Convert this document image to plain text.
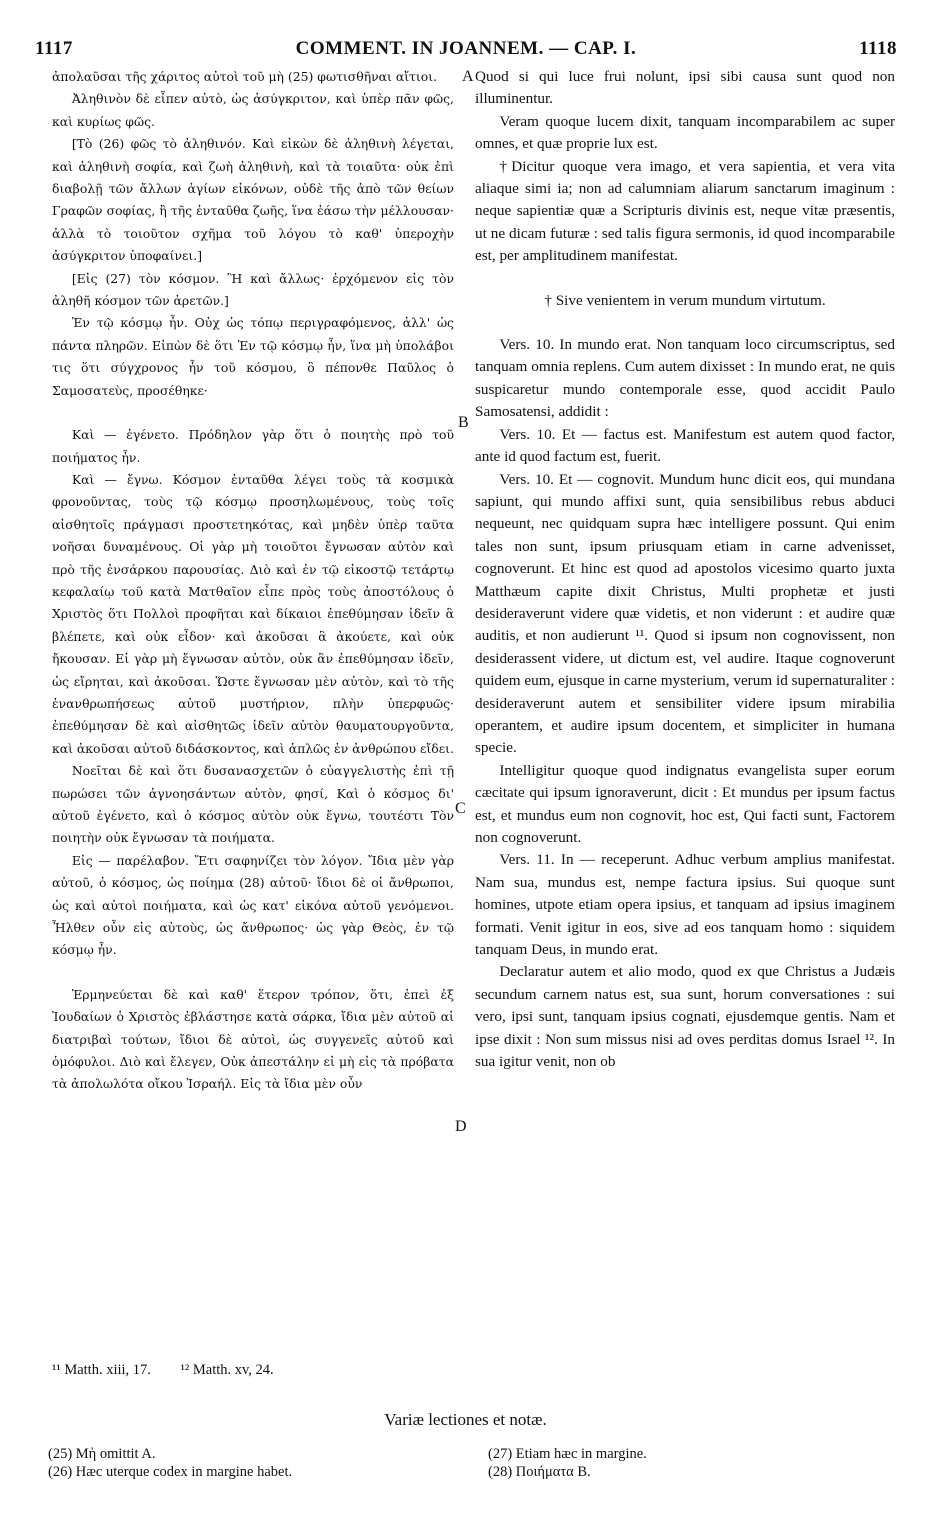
1117	COMMENT. IN JOANNEM. — CAP. I.	1118

ἀπολαῦσαι τῆς χάριτος αὐτοὶ τοῦ μὴ (25) φωτισθῆναι αἴτιοι.

Ἀληθινὸν δὲ εἶπεν αὐτὸ, ὡς ἀσύγκριτον, καὶ ὑπὲρ πᾶν φῶς, καὶ κυρίως φῶς.

[Τὸ (26) φῶς τὸ ἀληθινόν. Καὶ εἰκὼν δὲ ἀληθινὴ λέγεται, καὶ ἀληθινὴ σοφία, καὶ ζωὴ ἀληθινὴ, καὶ τὰ τοιαῦτα· οὐκ ἐπὶ διαβολῇ τῶν ἄλλων ἁγίων εἰκόνων, οὐδὲ τῆς ἀπὸ τῶν θείων Γραφῶν σοφίας, ἢ τῆς ἐνταῦθα ζωῆς, ἵνα ἐάσω τὴν μέλλουσαν· ἀλλὰ τὸ τοιοῦτον σχῆμα τοῦ λόγου τὸ καθ' ὑπεροχὴν ἀσύγκριτον ὑποφαίνει.]

[Εἰς (27) τὸν κόσμον. Ἢ καὶ ἄλλως· ἐρχόμενον εἰς τὸν ἀληθῆ κόσμον τῶν ἀρετῶν.]

Ἐν τῷ κόσμῳ ἦν. Οὐχ ὡς τόπῳ περιγραφόμενος, ἀλλ' ὡς πάντα πληρῶν. Εἰπὼν δὲ ὅτι Ἐν τῷ κόσμῳ ἦν, ἵνα μὴ ὑπολάβοι τις ὅτι σύγχρονος ἦν τοῦ κόσμου, ὃ πέπονθε Παῦλος ὁ Σαμοσατεὺς, προσέθηκε·

Καὶ — ἐγένετο. Πρόδηλον γὰρ ὅτι ὁ ποιητὴς πρὸ τοῦ ποιήματος ἦν.

Καὶ — ἔγνω. Κόσμον ἐνταῦθα λέγει τοὺς τὰ κοσμικὰ φρονοῦντας, τοὺς τῷ κόσμῳ προσηλωμένους, τοὺς τοῖς αἰσθητοῖς πράγμασι προστετηκότας, καὶ μηδὲν ὑπὲρ ταῦτα νοῆσαι δυναμένους. Οἱ γὰρ μὴ τοιοῦτοι ἔγνωσαν αὐτὸν καὶ πρὸ τῆς ἐνσάρκου παρουσίας. Διὸ καὶ ἐν τῷ εἰκοστῷ τετάρτῳ κεφαλαίῳ τοῦ κατὰ Ματθαῖον εἶπε πρὸς τοὺς ἀποστόλους ὁ Χριστὸς ὅτι Πολλοὶ προφῆται καὶ δίκαιοι ἐπεθύμησαν ἰδεῖν ἃ βλέπετε, καὶ οὐκ εἶδον· καὶ ἀκοῦσαι ἃ ἀκούετε, καὶ οὐκ ἤκουσαν. Εἰ γὰρ μὴ ἔγνωσαν αὐτὸν, οὐκ ἂν ἐπεθύμησαν ἰδεῖν, ὡς εἴρηται, καὶ ἀκοῦσαι. Ὥστε ἔγνωσαν μὲν αὐτὸν, καὶ τὸ τῆς ἐνανθρωπήσεως αὐτοῦ μυστήριον, πλὴν ὑπερφυῶς· ἐπεθύμησαν δὲ καὶ αἰσθητῶς ἰδεῖν αὐτὸν θαυματουργοῦντα, καὶ ἀκοῦσαι αὐτοῦ διδάσκοντος, καὶ ἁπλῶς ἐν ἀνθρώπου εἴδει.

Νοεῖται δὲ καὶ ὅτι δυσανασχετῶν ὁ εὐαγγελιστὴς ἐπὶ τῇ πωρώσει τῶν ἀγνοησάντων αὐτὸν, φησί, Καὶ ὁ κόσμος δι' αὐτοῦ ἐγένετο, καὶ ὁ κόσμος αὐτὸν οὐκ ἔγνω, τουτέστι Τὸν ποιητὴν οὐκ ἔγνωσαν τὰ ποιήματα.

Εἰς — παρέλαβον. Ἔτι σαφηνίζει τὸν λόγον. Ἴδια μὲν γὰρ αὐτοῦ, ὁ κόσμος, ὡς ποίημα (28) αὐτοῦ· ἴδιοι δὲ οἱ ἄνθρωποι, ὡς καὶ αὐτοὶ ποιήματα, καὶ ὡς κατ' εἰκόνα αὐτοῦ γενόμενοι. Ἦλθεν οὖν εἰς αὐτοὺς, ὡς ἄνθρωπος· ὡς γὰρ Θεὸς, ἐν τῷ κόσμῳ ἦν.

Ἑρμηνεύεται δὲ καὶ καθ' ἕτερον τρόπον, ὅτι, ἐπεὶ ἐξ Ἰουδαίων ὁ Χριστὸς ἐβλάστησε κατὰ σάρκα, ἴδια μὲν αὐτοῦ αἱ διατριβαὶ τούτων, ἴδιοι δὲ αὐτοὶ, ὡς συγγενεῖς αὐτοῦ καὶ ὁμόφυλοι. Διὸ καὶ ἔλεγεν, Οὐκ ἀπεστάλην εἰ μὴ εἰς τὰ πρόβατα τὰ ἀπολωλότα οἴκου Ἰσραήλ. Εἰς τὰ ἴδια μὲν οὖν

A
B
C
D

Quod si qui luce frui nolunt, ipsi sibi causa sunt quod non illuminentur.

Veram quoque lucem dixit, tanquam incomparabilem ac super omnes, et quæ proprie lux est.

†Dicitur quoque vera imago, et vera sapientia, et vera vita aliaque simi ia; non ad calumniam aliarum sanctarum imaginum : neque sapientiæ quæ a Scripturis divinis est, neque vitæ præsentis, ut ne dicam futuræ : sed talis figura sermonis, id quod incomparabile est, per amplitudinem manifestat.

† Sive venientem in verum mundum virtutum.

Vers. 10. In mundo erat. Non tanquam loco circumscriptus, sed tanquam omnia replens. Cum autem dixisset : In mundo erat, ne quis suspicaretur mundo contemporale esse, quod accidit Paulo Samosatensi, addidit :

Vers. 10. Et — factus est. Manifestum est autem quod factor, ante id quod factum est, fuerit.

Vers. 10. Et — cognovit. Mundum hunc dicit eos, qui mundana sapiunt, qui mundo affixi sunt, quia sensibilibus rebus abduci nequeunt, nec quidquam supra hæc intelligere possunt. Qui enim tales non sunt, ipsum priusquam etiam in carne advenisset, cognoverunt. Et hinc est quod ad apostolos vicesimo quarto juxta Matthæum capite dixit Christus, Multi prophetæ et justi desideraverunt videre quæ videtis, et non viderunt : et audire quæ auditis, et non audierunt ¹¹. Quod si ipsum non cognovissent, non desiderassent videre, ut dictum est, vel audire. Itaque cognoverunt quidem eum, ejusque in carne mysterium, verum id supernaturaliter : desideraverunt autem et sensibiliter videre ipsum mirabilia operantem, et audire ipsum docentem, et simpliciter in humana specie.

Intelligitur quoque quod indignatus evangelista super eorum cæcitate qui ipsum ignoraverunt, dicit : Et mundus per ipsum factus est, et mundus eum non cognovit, hoc est, Qui facti sunt, Factorem non cognoverunt.

Vers. 11. In — receperunt. Adhuc verbum amplius manifestat. Nam sua, mundus est, nempe factura ipsius. Sui quoque sunt homines, utpote etiam opera ipsius, et tanquam ad ipsius imaginem formati. Venit igitur in eos, sive ad eos tanquam homo : siquidem tanquam Deus, in mundo erat.

Declaratur autem et alio modo, quod ex que Christus a Judæis secundum carnem natus est, sua sunt, horum conversationes : sui vero, ipsi sunt, tanquam ipsius cognati, ejusdemque gentis. Nam et ipse dixit : Non sum missus nisi ad oves perditas domus Israel ¹². In sua igitur venit, non ob

¹¹ Matth. xiii, 17. ¹² Matth. xv, 24.
Variæ lectiones et notæ.
(25) Μὴ omittit A.
(26) Hæc uterque codex in margine habet.
(27) Etiam hæc in margine.
(28) Ποιήματα B.
